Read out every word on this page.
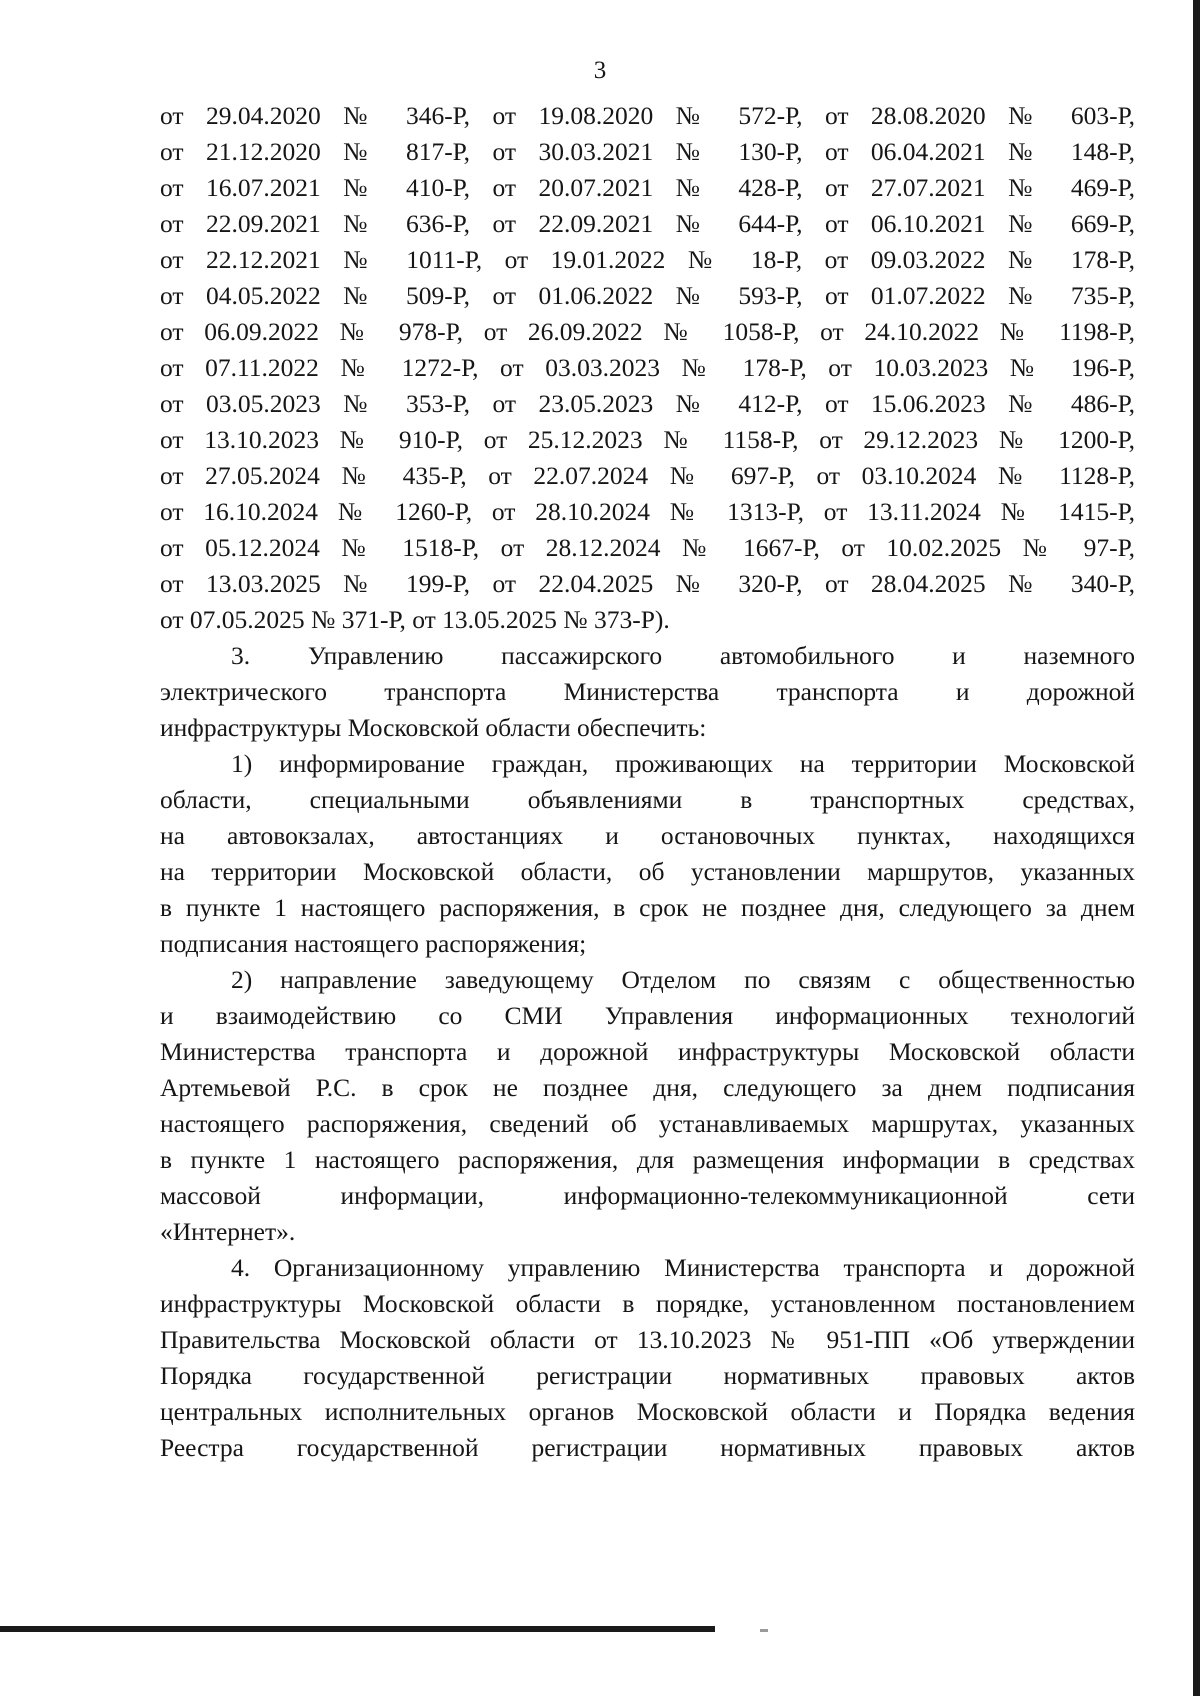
3
от 29.04.2020 № 346-Р, от 19.08.2020 № 572-Р, от 28.08.2020 № 603-Р,
от 21.12.2020 № 817-Р, от 30.03.2021 № 130-Р, от 06.04.2021 № 148-Р,
от 16.07.2021 № 410-Р, от 20.07.2021 № 428-Р, от 27.07.2021 № 469-Р,
от 22.09.2021 № 636-Р, от 22.09.2021 № 644-Р, от 06.10.2021 № 669-Р,
от 22.12.2021 № 1011-Р, от 19.01.2022 № 18-Р, от 09.03.2022 № 178-Р,
от 04.05.2022 № 509-Р, от 01.06.2022 № 593-Р, от 01.07.2022 № 735-Р,
от 06.09.2022 № 978-Р, от 26.09.2022 № 1058-Р, от 24.10.2022 № 1198-Р,
от 07.11.2022 № 1272-Р, от 03.03.2023 № 178-Р, от 10.03.2023 № 196-Р,
от 03.05.2023 № 353-Р, от 23.05.2023 № 412-Р, от 15.06.2023 № 486-Р,
от 13.10.2023 № 910-Р, от 25.12.2023 № 1158-Р, от 29.12.2023 № 1200-Р,
от 27.05.2024 № 435-Р, от 22.07.2024 № 697-Р, от 03.10.2024 № 1128-Р,
от 16.10.2024 № 1260-Р, от 28.10.2024 № 1313-Р, от 13.11.2024 № 1415-Р,
от 05.12.2024 № 1518-Р, от 28.12.2024 № 1667-Р, от 10.02.2025 № 97-Р,
от 13.03.2025 № 199-Р, от 22.04.2025 № 320-Р, от 28.04.2025 № 340-Р,
от 07.05.2025 № 371-Р, от 13.05.2025 № 373-Р).
3. Управлению пассажирского автомобильного и наземного
электрического транспорта Министерства транспорта и дорожной
инфраструктуры Московской области обеспечить:
1) информирование граждан, проживающих на территории Московской
области, специальными объявлениями в транспортных средствах,
на автовокзалах, автостанциях и остановочных пунктах, находящихся
на территории Московской области, об установлении маршрутов, указанных
в пункте 1 настоящего распоряжения, в срок не позднее дня, следующего за днем
подписания настоящего распоряжения;
2) направление заведующему Отделом по связям с общественностью
и взаимодействию со СМИ Управления информационных технологий
Министерства транспорта и дорожной инфраструктуры Московской области
Артемьевой Р.С. в срок не позднее дня, следующего за днем подписания
настоящего распоряжения, сведений об устанавливаемых маршрутах, указанных
в пункте 1 настоящего распоряжения, для размещения информации в средствах
массовой информации, информационно-телекоммуникационной сети
«Интернет».
4. Организационному управлению Министерства транспорта и дорожной
инфраструктуры Московской области в порядке, установленном постановлением
Правительства Московской области от 13.10.2023 № 951-ПП «Об утверждении
Порядка государственной регистрации нормативных правовых актов
центральных исполнительных органов Московской области и Порядка ведения
Реестра государственной регистрации нормативных правовых актов
